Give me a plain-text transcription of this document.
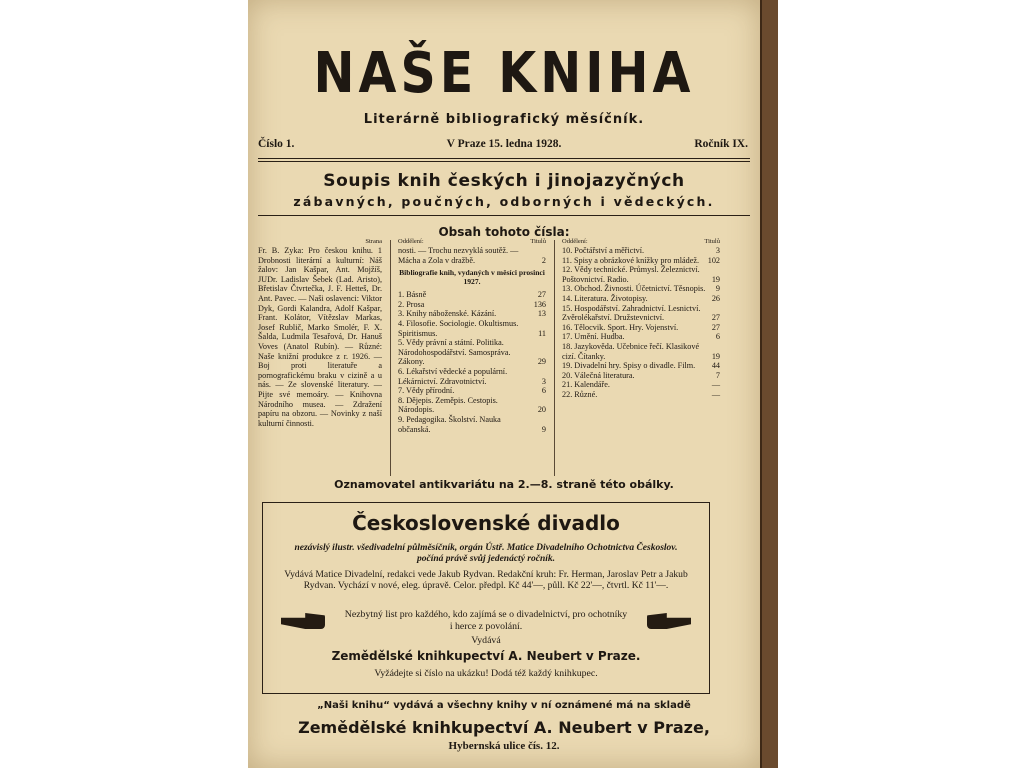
NAŠE KNIHA
Literárně bibliografický měsíčník.
Číslo 1.	V Praze 15. ledna 1928.	Ročník IX.
Soupis knih českých i jinojazyčných
zábavných, poučných, odborných i vědeckých.
Obsah tohoto čísla:
Strana
Fr. B. Zyka: Pro českou knihu. 1 Drobnosti literární a kulturní: Náš žalov: Jan Kašpar, Ant. Mojžíš, JUDr. Ladislav Šebek (Lad. Aristo), Břetislav Čtvrtečka, J. F. Hetteš, Dr. Ant. Pavec. — Naši oslavenci: Viktor Dyk, Gordi Kalandra, Adolf Kašpar, Frant. Kolátor, Vítězslav Markas, Josef Rublič, Marko Smolér, F. X. Šalda, Ludmila Tesařová, Dr. Hanuš Voves (Anatol Rubín). — Různé: Naše knižní produkce z r. 1926. — Boj proti literatuře a pornografickému braku v cizině a u nás. — Ze slovenské literatury. — Pijte své memoáry. — Knihovna Národního musea. — Zdražení papíru na obzoru. — Novinky z naší kulturní činnosti.
Oddělení:	Titulů
nosti. — Trochu nezvyklá soutěž. — Mácha a Zola v dražbě.	2
Bibliografie knih, vydaných v měsíci prosinci 1927.
1. Básně	27
2. Prosa	136
3. Knihy náboženské. Kázání.	13
4. Filosofie. Sociologie. Okultismus. Spiritismus.	11
5. Vědy právní a státní. Politika. Národohospodářství. Samospráva. Zákony.	29
6. Lékařství vědecké a populární. Lékárnictví. Zdravotnictví.	3
7. Vědy přírodní.	6
8. Dějepis. Zeměpis. Cestopis. Národopis.	20
9. Pedagogika. Školství. Naukа občanská.	9
Oddělení:	Titulů
10. Počtářství a měřictví.	3
11. Spisy a obrázkové knížky pro mládež.	102
12. Vědy technické. Průmysl. Železnictví. Poštovnictví. Radio.	19
13. Obchod. Živnosti. Účetnictví. Těsnopis.	9
14. Literatura. Životopisy.	26
15. Hospodářství. Zahradnictví. Lesnictví. Zvěrolékařství. Družstevnictví.	27
16. Tělocvik. Sport. Hry. Vojenství.	27
17. Umění. Hudba.	6
18. Jazykověda. Učebnice řečí. Klasikové cizí. Čítanky.	19
19. Divadelní hry. Spisy o divadle. Film.	44
20. Válečná literatura.	7
21. Kalendáře.	—
22. Různé.	—
Oznamovatel antikvariátu na 2.—8. straně této obálky.
Československé divadlo
nezávislý ilustr. všedivadelní půlměsíčník, orgán Ústř. Matice Divadelního Ochotnictva Českoslov. počíná právě svůj jedenáctý ročník.
Vydává Matice Divadelní, redakci vede Jakub Rydvan. Redakční kruh: Fr. Herman, Jaroslav Petr a Jakub Rydvan. Vychází v nové, eleg. úpravě. Celor. předpl. Kč 44'—, půll. Kč 22'—, čtvrtl. Kč 11'—.
Nezbytný list pro každého, kdo zajímá se o divadelnictví, pro ochotníky i herce z povolání.
Vydává
Zemědělské knihkupectví A. Neubert v Praze.
Vyžádejte si číslo na ukázku! Dodá též každý knihkupec.
„Naši knihu“ vydává a všechny knihy v ní oznámené má na skladě
Zemědělské knihkupectví A. Neubert v Praze,
Hybernská ulice čís. 12.
